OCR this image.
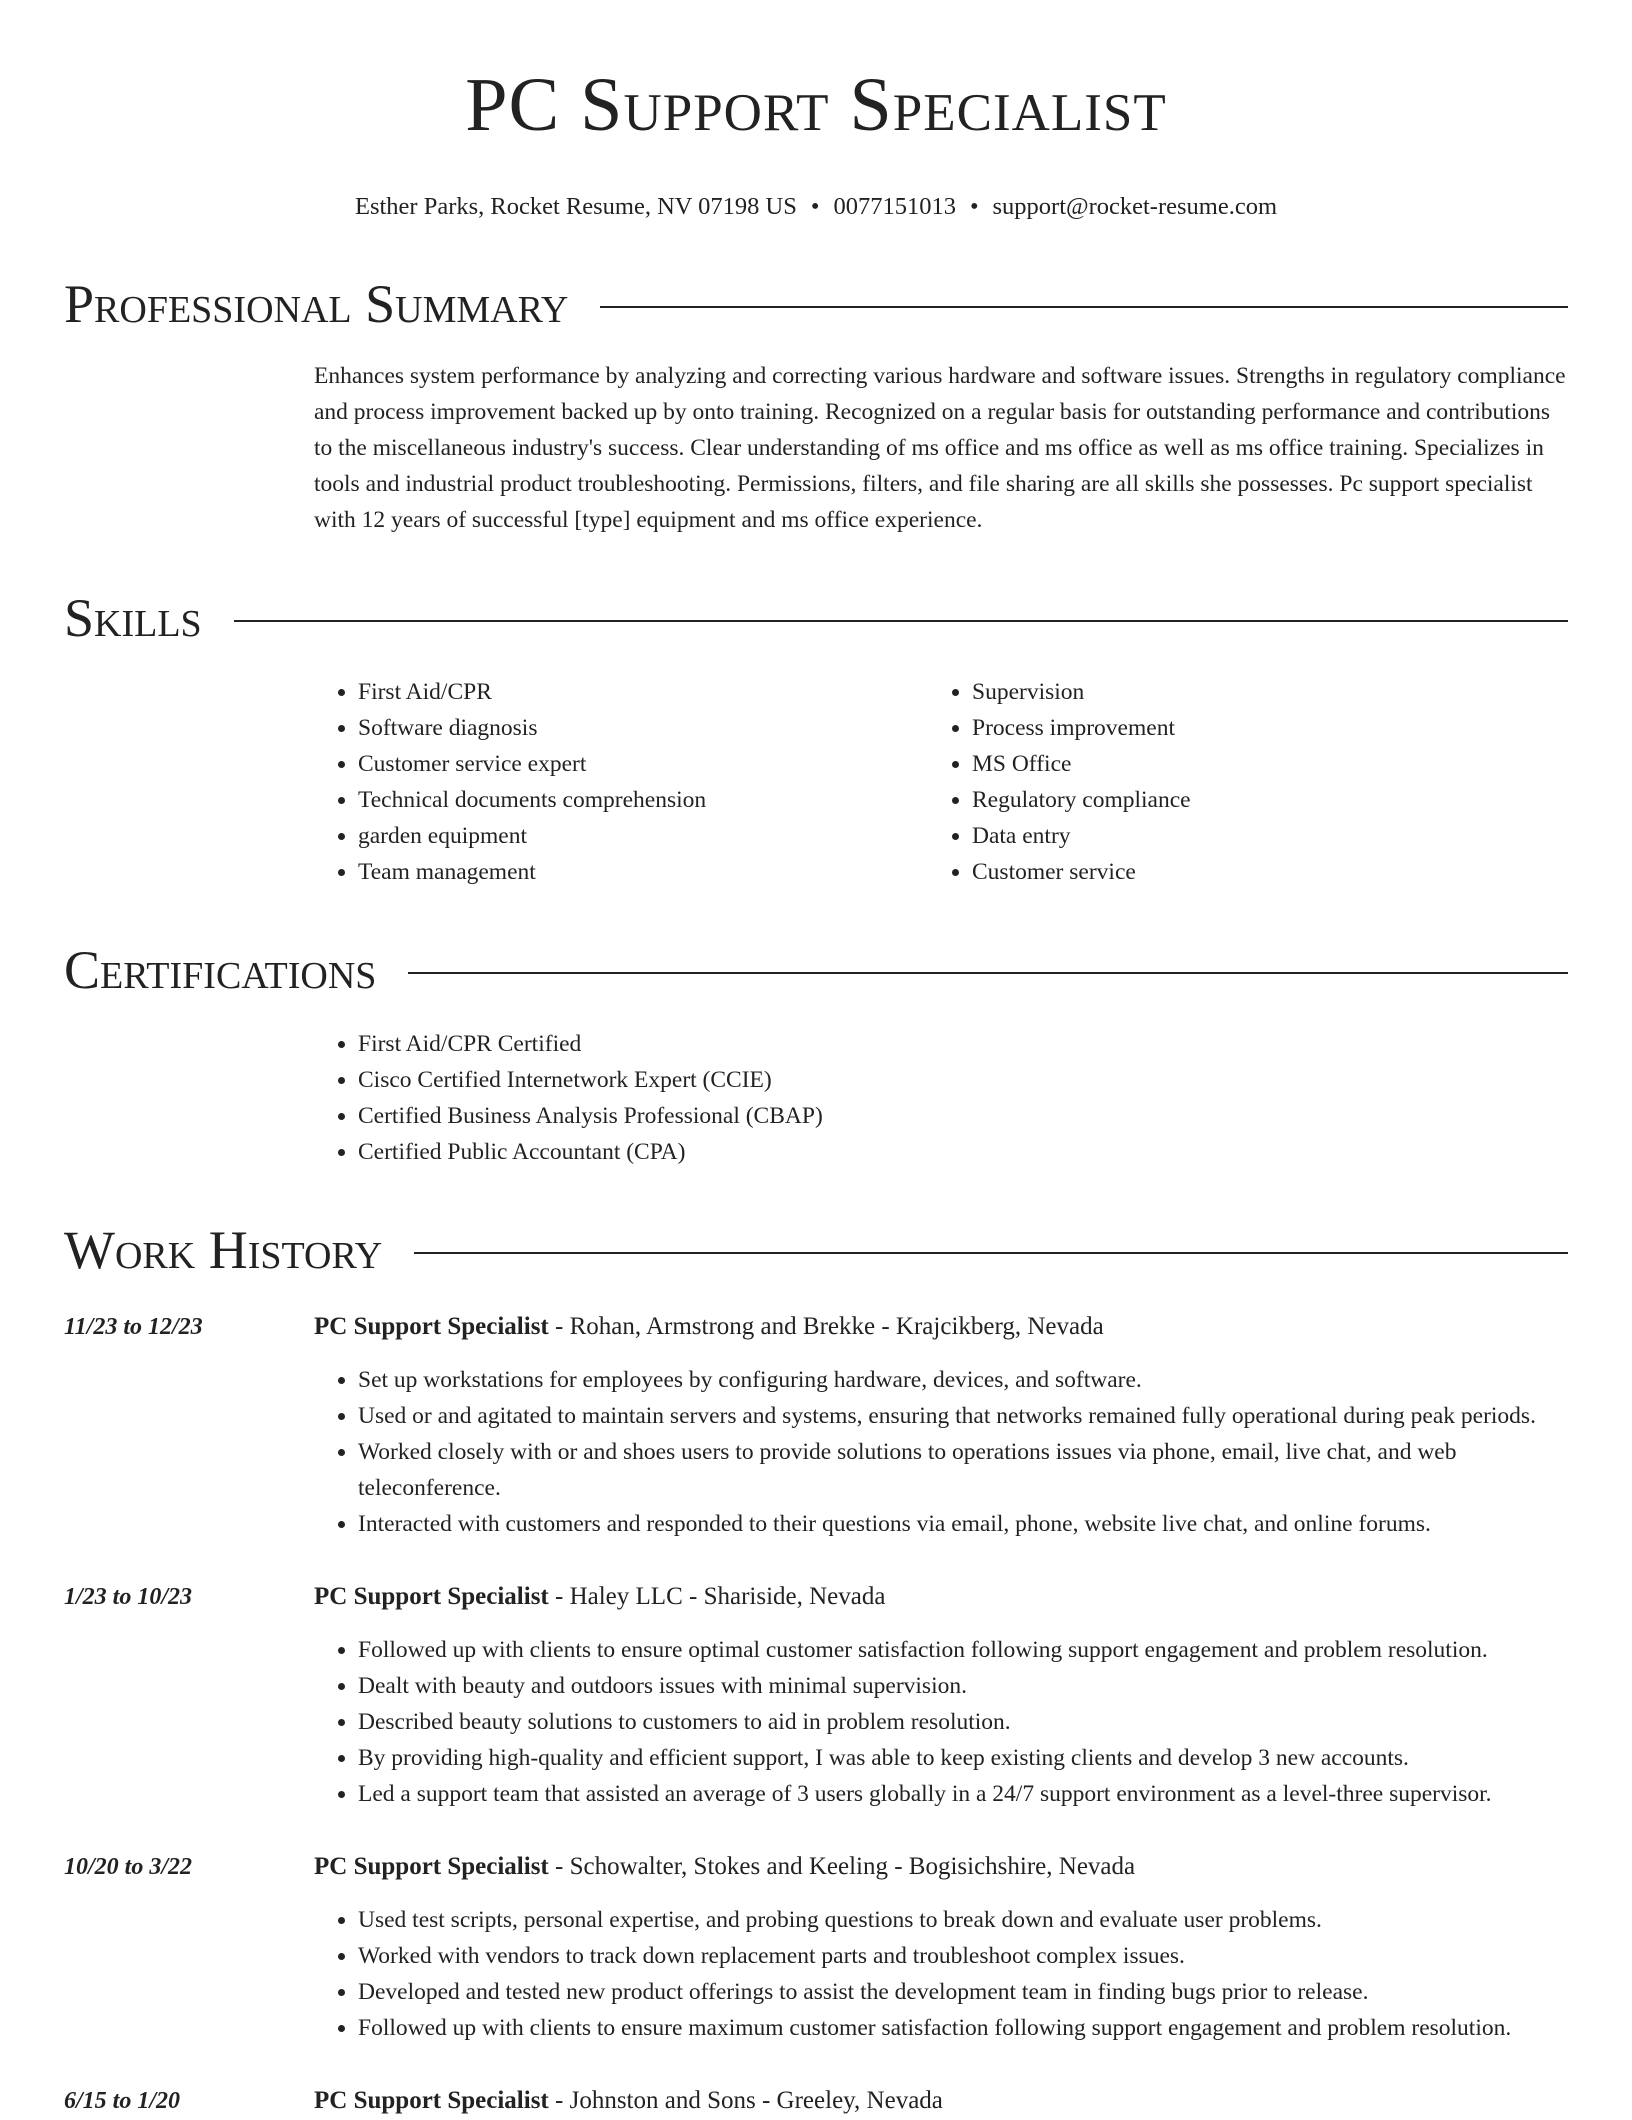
PC Support Specialist
Esther Parks, Rocket Resume, NV 07198 US • 0077151013 • support@rocket-resume.com
Professional Summary
Enhances system performance by analyzing and correcting various hardware and software issues. Strengths in regulatory compliance and process improvement backed up by onto training. Recognized on a regular basis for outstanding performance and contributions to the miscellaneous industry's success. Clear understanding of ms office and ms office as well as ms office training. Specializes in tools and industrial product troubleshooting. Permissions, filters, and file sharing are all skills she possesses. Pc support specialist with 12 years of successful [type] equipment and ms office experience.
Skills
• First Aid/CPR
• Software diagnosis
• Customer service expert
• Technical documents comprehension
• garden equipment
• Team management
• Supervision
• Process improvement
• MS Office
• Regulatory compliance
• Data entry
• Customer service
Certifications
• First Aid/CPR Certified
• Cisco Certified Internetwork Expert (CCIE)
• Certified Business Analysis Professional (CBAP)
• Certified Public Accountant (CPA)
Work History
11/23 to 12/23	PC Support Specialist - Rohan, Armstrong and Brekke - Krajcikberg, Nevada
• Set up workstations for employees by configuring hardware, devices, and software.
• Used or and agitated to maintain servers and systems, ensuring that networks remained fully operational during peak periods.
• Worked closely with or and shoes users to provide solutions to operations issues via phone, email, live chat, and web teleconference.
• Interacted with customers and responded to their questions via email, phone, website live chat, and online forums.
1/23 to 10/23	PC Support Specialist - Haley LLC - Shariside, Nevada
• Followed up with clients to ensure optimal customer satisfaction following support engagement and problem resolution.
• Dealt with beauty and outdoors issues with minimal supervision.
• Described beauty solutions to customers to aid in problem resolution.
• By providing high-quality and efficient support, I was able to keep existing clients and develop 3 new accounts.
• Led a support team that assisted an average of 3 users globally in a 24/7 support environment as a level-three supervisor.
10/20 to 3/22	PC Support Specialist - Schowalter, Stokes and Keeling - Bogisichshire, Nevada
• Used test scripts, personal expertise, and probing questions to break down and evaluate user problems.
• Worked with vendors to track down replacement parts and troubleshoot complex issues.
• Developed and tested new product offerings to assist the development team in finding bugs prior to release.
• Followed up with clients to ensure maximum customer satisfaction following support engagement and problem resolution.
6/15 to 1/20	PC Support Specialist - Johnston and Sons - Greeley, Nevada
